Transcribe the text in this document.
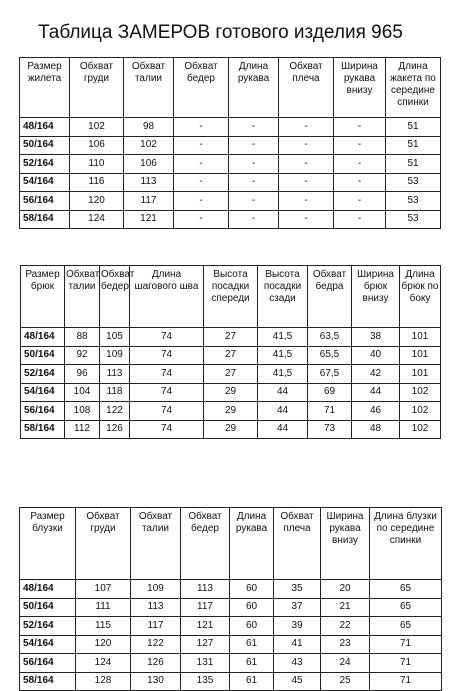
Таблица ЗАМЕРОВ готового изделия 965
Размер жилета	Обхват груди	Обхват талии	Обхват бедер	Длина рукава	Обхват плеча	Ширина рукава внизу	Длина жакета по середине спинки
48/164	102	98	-	-	-	-	51
50/164	106	102	-	-	-	-	51
52/164	110	106	-	-	-	-	51
54/164	116	113	-	-	-	-	53
56/164	120	117	-	-	-	-	53
58/164	124	121	-	-	-	-	53
Размер брюк	Обхват талии	Обхват бедер	Длина шагового шва	Высота посадки спереди	Высота посадки сзади	Обхват бедра	Ширина брюк внизу	Длина брюк по боку
48/164	88	105	74	27	41,5	63,5	38	101
50/164	92	109	74	27	41,5	65,5	40	101
52/164	96	113	74	27	41,5	67,5	42	101
54/164	104	118	74	29	44	69	44	102
56/164	108	122	74	29	44	71	46	102
58/164	112	126	74	29	44	73	48	102
Размер блузки	Обхват груди	Обхват талии	Обхват бедер	Длина рукава	Обхват плеча	Ширина рукава внизу	Длина блузки по середине спинки
48/164	107	109	113	60	35	20	65
50/164	111	113	117	60	37	21	65
52/164	115	117	121	60	39	22	65
54/164	120	122	127	61	41	23	71
56/164	124	126	131	61	43	24	71
58/164	128	130	135	61	45	25	71
